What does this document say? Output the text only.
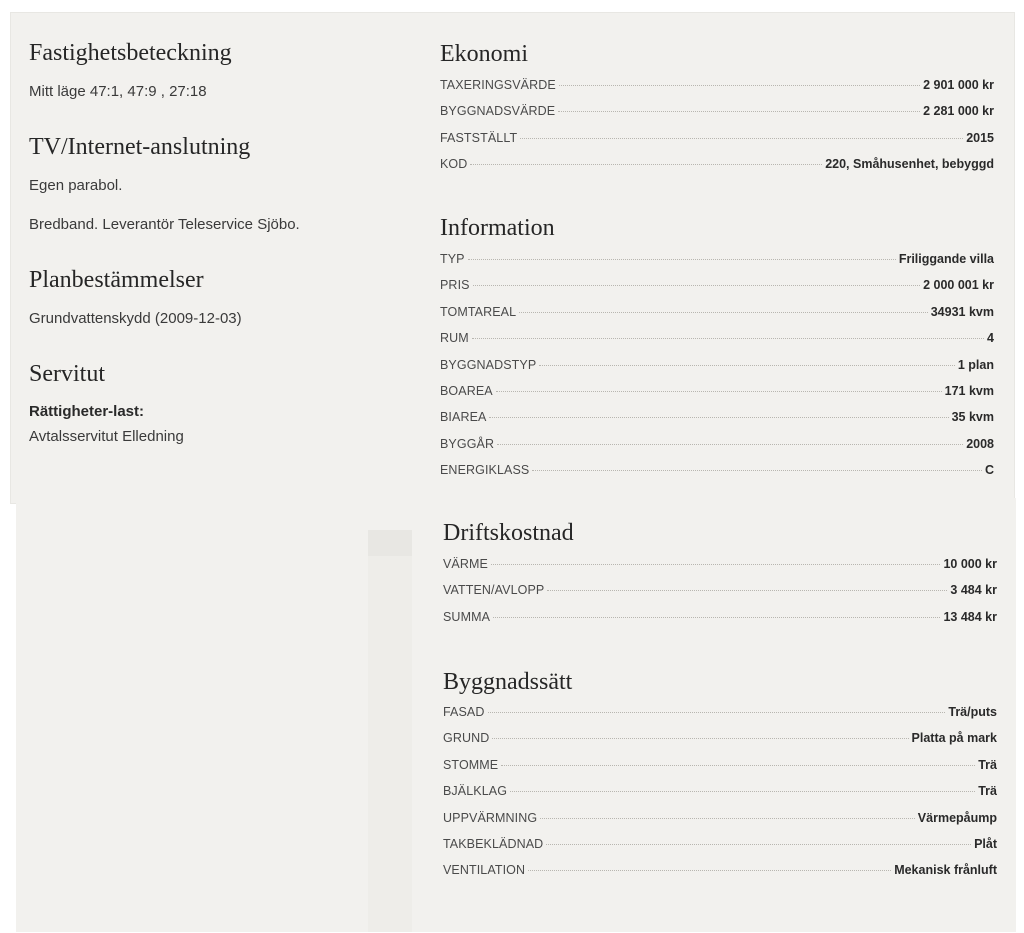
Fastighetsbeteckning

Mitt läge 47:1, 47:9 , 27:18

TV/Internet-anslutning

Egen parabol.

Bredband. Leverantör Teleservice Sjöbo.

Planbestämmelser

Grundvattenskydd (2009-12-03)

Servitut

Rättigheter-last:

Avtalsservitut Elledning

Ekonomi
Information
Driftskostnad
Byggnadssätt
TAXERINGSVÄRDE	2 901 000 kr
BYGGNADSVÄRDE	2 281 000 kr
FASTSTÄLLT	2015
KOD	220, Småhusenhet, bebyggd
TYP	Friliggande villa
PRIS	2 000 001 kr
TOMTAREAL	34931 kvm
RUM	4
BYGGNADSTYP	1 plan
BOAREA	171 kvm
BIAREA	35 kvm
BYGGÅR	2008
ENERGIKLASS	C
VÄRME	10 000 kr
VATTEN/AVLOPP	3 484 kr
SUMMA	13 484 kr
FASAD	Trä/puts
GRUND	Platta på mark
STOMME	Trä
BJÄLKLAG	Trä
UPPVÄRMNING	Värmepåump
TAKBEKLÄDNAD	Plåt
VENTILATION	Mekanisk frånluft
